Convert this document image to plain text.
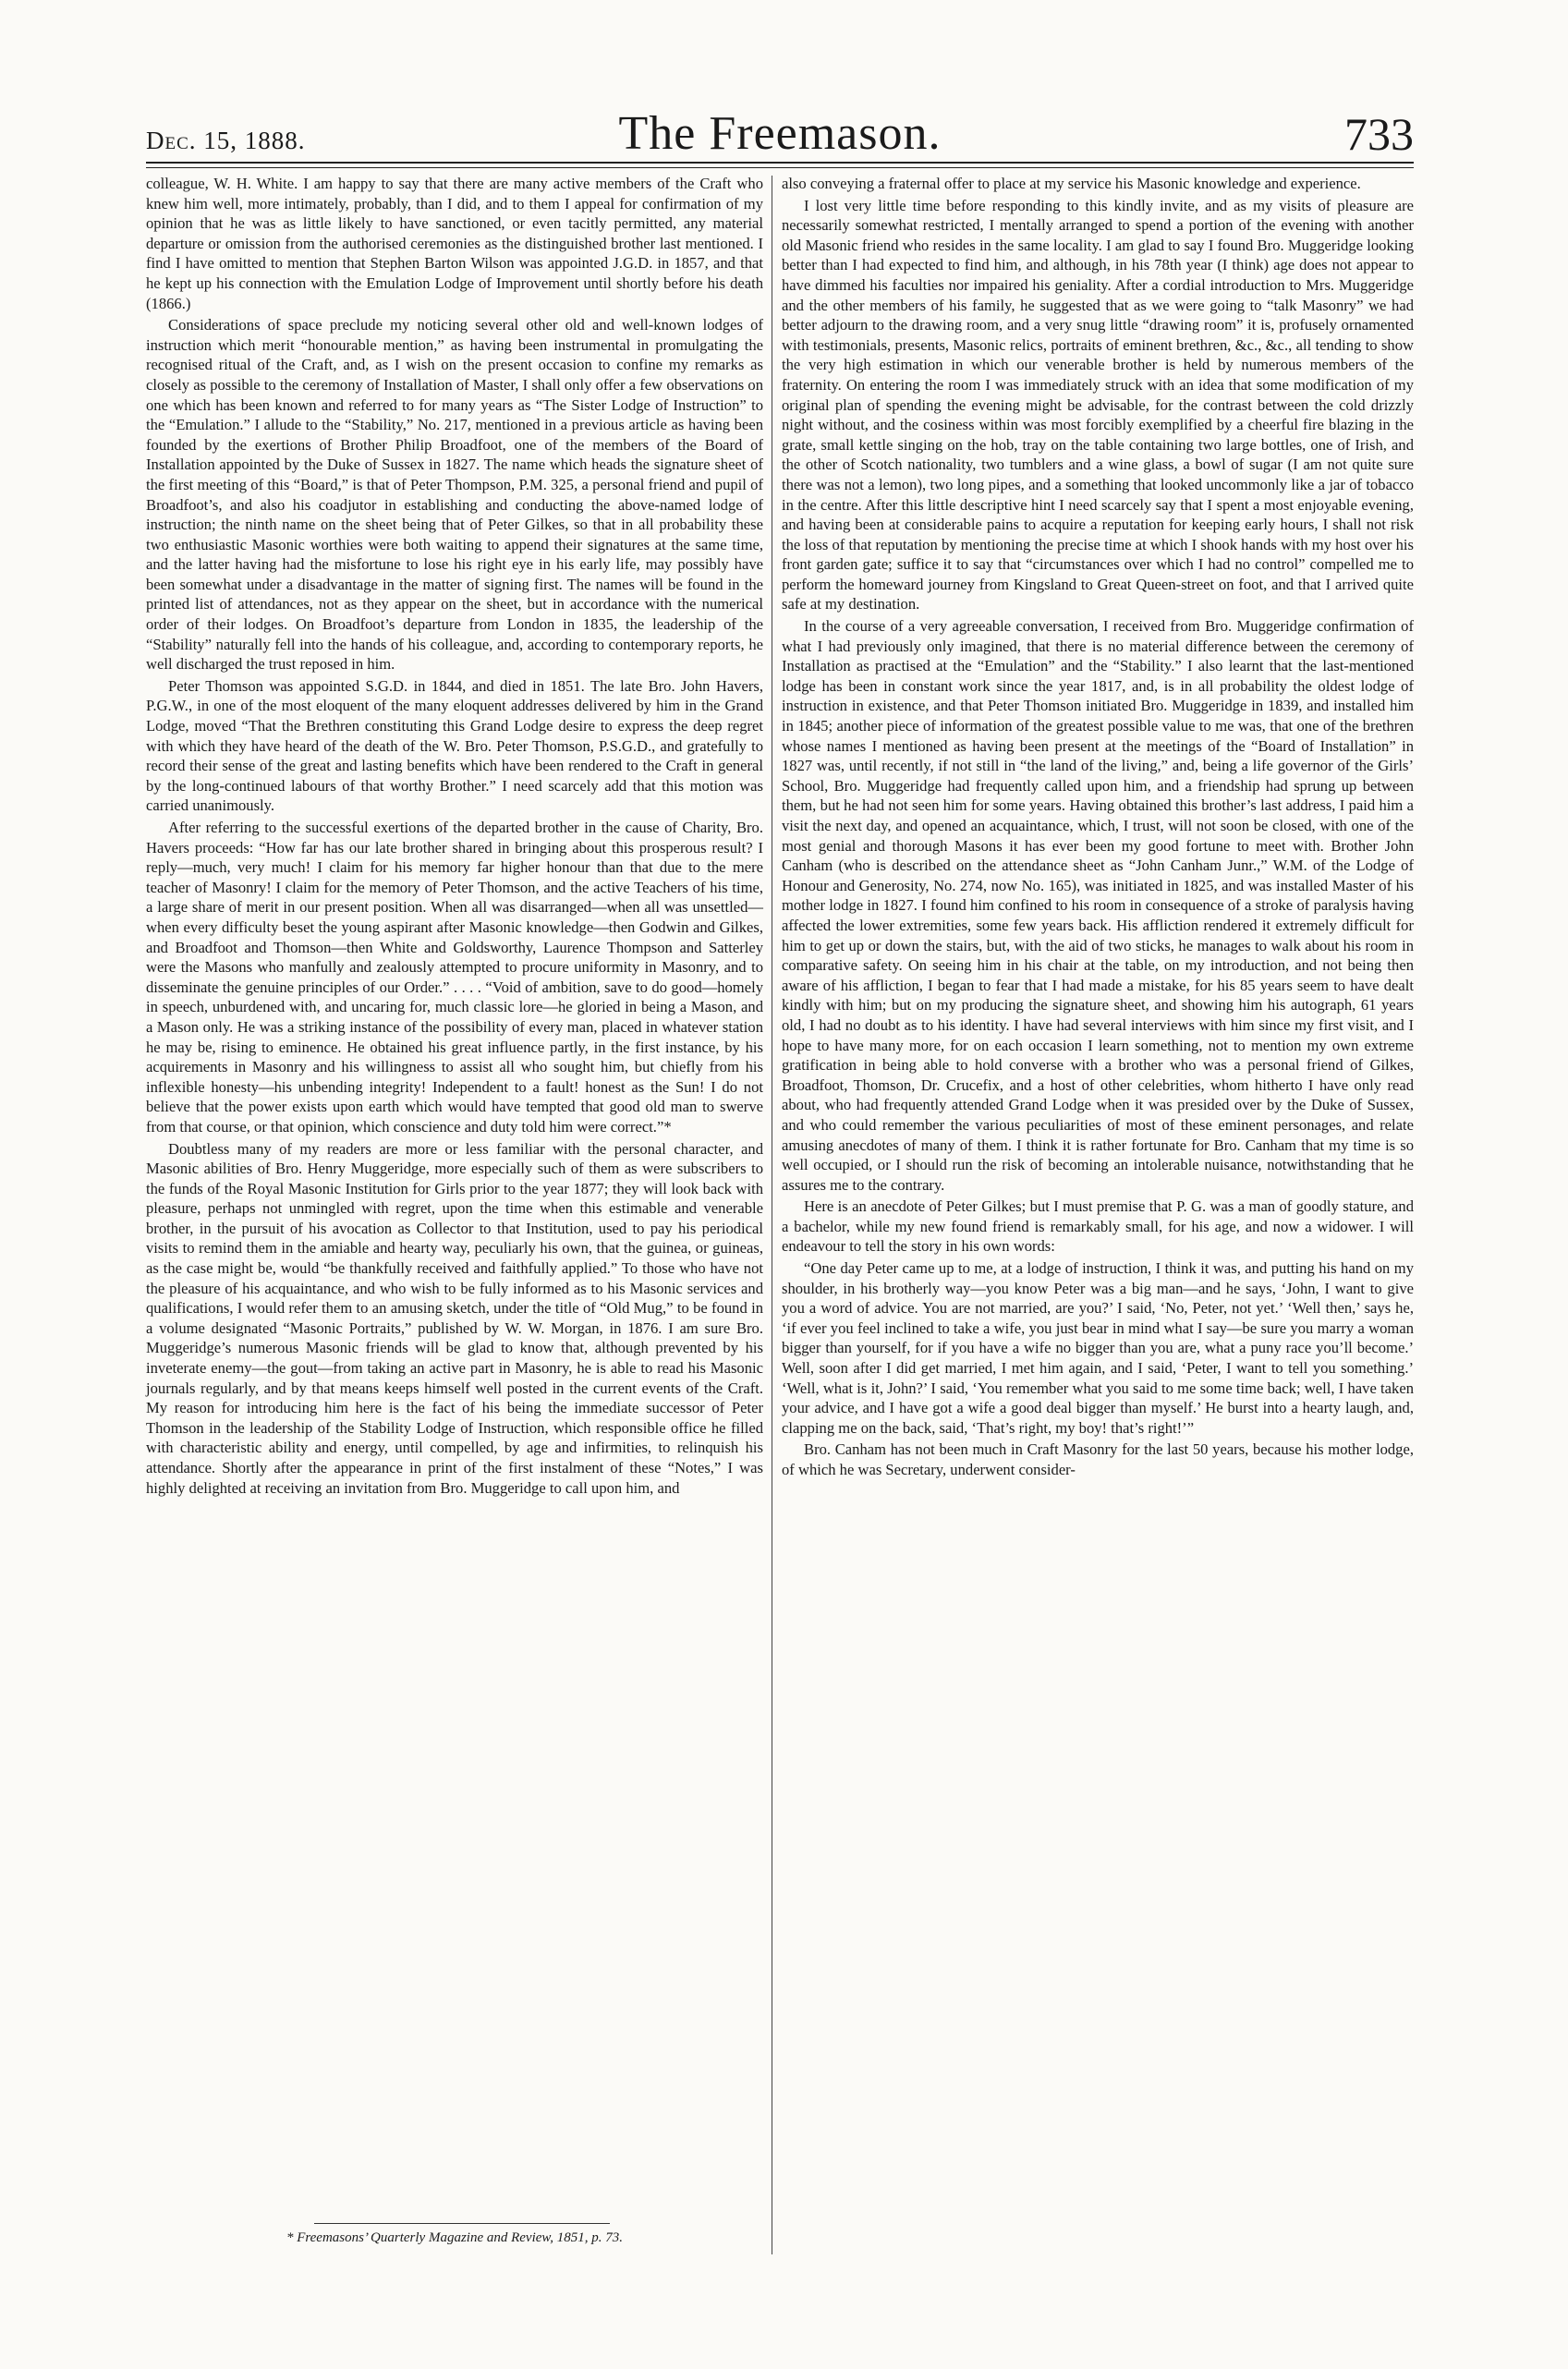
Dec. 15, 1888.	The Freemason.	733

colleague, W. H. White. I am happy to say that there are many active members of the Craft who knew him well, more intimately, probably, than I did, and to them I appeal for confirmation of my opinion that he was as little likely to have sanctioned, or even tacitly permitted, any material departure or omission from the authorised ceremonies as the distinguished brother last mentioned. I find I have omitted to mention that Stephen Barton Wilson was appointed J.G.D. in 1857, and that he kept up his connection with the Emulation Lodge of Improvement until shortly before his death (1866.)

Considerations of space preclude my noticing several other old and well-known lodges of instruction which merit “honourable mention,” as having been instrumental in promulgating the recognised ritual of the Craft, and, as I wish on the present occasion to confine my remarks as closely as possible to the ceremony of Installation of Master, I shall only offer a few observations on one which has been known and referred to for many years as “The Sister Lodge of Instruction” to the “Emulation.” I allude to the “Stability,” No. 217, mentioned in a previous article as having been founded by the exertions of Brother Philip Broadfoot, one of the members of the Board of Installation appointed by the Duke of Sussex in 1827. The name which heads the signature sheet of the first meeting of this “Board,” is that of Peter Thompson, P.M. 325, a personal friend and pupil of Broadfoot’s, and also his coadjutor in establishing and conducting the above-named lodge of instruction; the ninth name on the sheet being that of Peter Gilkes, so that in all probability these two enthusiastic Masonic worthies were both waiting to append their signatures at the same time, and the latter having had the misfortune to lose his right eye in his early life, may possibly have been somewhat under a disadvantage in the matter of signing first. The names will be found in the printed list of attendances, not as they appear on the sheet, but in accordance with the numerical order of their lodges. On Broadfoot’s departure from London in 1835, the leadership of the “Stability” naturally fell into the hands of his colleague, and, according to contemporary reports, he well discharged the trust reposed in him.

Peter Thomson was appointed S.G.D. in 1844, and died in 1851. The late Bro. John Havers, P.G.W., in one of the most eloquent of the many eloquent addresses delivered by him in the Grand Lodge, moved “That the Brethren constituting this Grand Lodge desire to express the deep regret with which they have heard of the death of the W. Bro. Peter Thomson, P.S.G.D., and gratefully to record their sense of the great and lasting benefits which have been rendered to the Craft in general by the long-continued labours of that worthy Brother.” I need scarcely add that this motion was carried unanimously.

After referring to the successful exertions of the departed brother in the cause of Charity, Bro. Havers proceeds: “How far has our late brother shared in bringing about this prosperous result? I reply—much, very much! I claim for his memory far higher honour than that due to the mere teacher of Masonry! I claim for the memory of Peter Thomson, and the active Teachers of his time, a large share of merit in our present position. When all was disarranged—when all was unsettled—when every difficulty beset the young aspirant after Masonic knowledge—then Godwin and Gilkes, and Broadfoot and Thomson—then White and Goldsworthy, Laurence Thompson and Satterley were the Masons who manfully and zealously attempted to procure uniformity in Masonry, and to disseminate the genuine principles of our Order.” . . . . “Void of ambition, save to do good—homely in speech, unburdened with, and uncaring for, much classic lore—he gloried in being a Mason, and a Mason only. He was a striking instance of the possibility of every man, placed in whatever station he may be, rising to eminence. He obtained his great influence partly, in the first instance, by his acquirements in Masonry and his willingness to assist all who sought him, but chiefly from his inflexible honesty—his unbending integrity! Independent to a fault! honest as the Sun! I do not believe that the power exists upon earth which would have tempted that good old man to swerve from that course, or that opinion, which conscience and duty told him were correct.”*

Doubtless many of my readers are more or less familiar with the personal character, and Masonic abilities of Bro. Henry Muggeridge, more especially such of them as were subscribers to the funds of the Royal Masonic Institution for Girls prior to the year 1877; they will look back with pleasure, perhaps not unmingled with regret, upon the time when this estimable and venerable brother, in the pursuit of his avocation as Collector to that Institution, used to pay his periodical visits to remind them in the amiable and hearty way, peculiarly his own, that the guinea, or guineas, as the case might be, would “be thankfully received and faithfully applied.” To those who have not the pleasure of his acquaintance, and who wish to be fully informed as to his Masonic services and qualifications, I would refer them to an amusing sketch, under the title of “Old Mug,” to be found in a volume designated “Masonic Portraits,” published by W. W. Morgan, in 1876. I am sure Bro. Muggeridge’s numerous Masonic friends will be glad to know that, although prevented by his inveterate enemy—the gout—from taking an active part in Masonry, he is able to read his Masonic journals regularly, and by that means keeps himself well posted in the current events of the Craft. My reason for introducing him here is the fact of his being the immediate successor of Peter Thomson in the leadership of the Stability Lodge of Instruction, which responsible office he filled with characteristic ability and energy, until compelled, by age and infirmities, to relinquish his attendance. Shortly after the appearance in print of the first instalment of these “Notes,” I was highly delighted at receiving an invitation from Bro. Muggeridge to call upon him, and

also conveying a fraternal offer to place at my service his Masonic knowledge and experience.

I lost very little time before responding to this kindly invite, and as my visits of pleasure are necessarily somewhat restricted, I mentally arranged to spend a portion of the evening with another old Masonic friend who resides in the same locality. I am glad to say I found Bro. Muggeridge looking better than I had expected to find him, and although, in his 78th year (I think) age does not appear to have dimmed his faculties nor impaired his geniality. After a cordial introduction to Mrs. Muggeridge and the other members of his family, he suggested that as we were going to “talk Masonry” we had better adjourn to the drawing room, and a very snug little “drawing room” it is, profusely ornamented with testimonials, presents, Masonic relics, portraits of eminent brethren, &c., &c., all tending to show the very high estimation in which our venerable brother is held by numerous members of the fraternity. On entering the room I was immediately struck with an idea that some modification of my original plan of spending the evening might be advisable, for the contrast between the cold drizzly night without, and the cosiness within was most forcibly exemplified by a cheerful fire blazing in the grate, small kettle singing on the hob, tray on the table containing two large bottles, one of Irish, and the other of Scotch nationality, two tumblers and a wine glass, a bowl of sugar (I am not quite sure there was not a lemon), two long pipes, and a something that looked uncommonly like a jar of tobacco in the centre. After this little descriptive hint I need scarcely say that I spent a most enjoyable evening, and having been at considerable pains to acquire a reputation for keeping early hours, I shall not risk the loss of that reputation by mentioning the precise time at which I shook hands with my host over his front garden gate; suffice it to say that “circumstances over which I had no control” compelled me to perform the homeward journey from Kingsland to Great Queen-street on foot, and that I arrived quite safe at my destination.

In the course of a very agreeable conversation, I received from Bro. Muggeridge confirmation of what I had previously only imagined, that there is no material difference between the ceremony of Installation as practised at the “Emulation” and the “Stability.” I also learnt that the last-mentioned lodge has been in constant work since the year 1817, and, is in all probability the oldest lodge of instruction in existence, and that Peter Thomson initiated Bro. Muggeridge in 1839, and installed him in 1845; another piece of information of the greatest possible value to me was, that one of the brethren whose names I mentioned as having been present at the meetings of the “Board of Installation” in 1827 was, until recently, if not still in “the land of the living,” and, being a life governor of the Girls’ School, Bro. Muggeridge had frequently called upon him, and a friendship had sprung up between them, but he had not seen him for some years. Having obtained this brother’s last address, I paid him a visit the next day, and opened an acquaintance, which, I trust, will not soon be closed, with one of the most genial and thorough Masons it has ever been my good fortune to meet with. Brother John Canham (who is described on the attendance sheet as “John Canham Junr.,” W.M. of the Lodge of Honour and Generosity, No. 274, now No. 165), was initiated in 1825, and was installed Master of his mother lodge in 1827. I found him confined to his room in consequence of a stroke of paralysis having affected the lower extremities, some few years back. His affliction rendered it extremely difficult for him to get up or down the stairs, but, with the aid of two sticks, he manages to walk about his room in comparative safety. On seeing him in his chair at the table, on my introduction, and not being then aware of his affliction, I began to fear that I had made a mistake, for his 85 years seem to have dealt kindly with him; but on my producing the signature sheet, and showing him his autograph, 61 years old, I had no doubt as to his identity. I have had several interviews with him since my first visit, and I hope to have many more, for on each occasion I learn something, not to mention my own extreme gratification in being able to hold converse with a brother who was a personal friend of Gilkes, Broadfoot, Thomson, Dr. Crucefix, and a host of other celebrities, whom hitherto I have only read about, who had frequently attended Grand Lodge when it was presided over by the Duke of Sussex, and who could remember the various peculiarities of most of these eminent personages, and relate amusing anecdotes of many of them. I think it is rather fortunate for Bro. Canham that my time is so well occupied, or I should run the risk of becoming an intolerable nuisance, notwithstanding that he assures me to the contrary.

Here is an anecdote of Peter Gilkes; but I must premise that P. G. was a man of goodly stature, and a bachelor, while my new found friend is remarkably small, for his age, and now a widower. I will endeavour to tell the story in his own words:

“One day Peter came up to me, at a lodge of instruction, I think it was, and putting his hand on my shoulder, in his brotherly way—you know Peter was a big man—and he says, ‘John, I want to give you a word of advice. You are not married, are you?’ I said, ‘No, Peter, not yet.’ ‘Well then,’ says he, ‘if ever you feel inclined to take a wife, you just bear in mind what I say—be sure you marry a woman bigger than yourself, for if you have a wife no bigger than you are, what a puny race you’ll become.’ Well, soon after I did get married, I met him again, and I said, ‘Peter, I want to tell you something.’ ‘Well, what is it, John?’ I said, ‘You remember what you said to me some time back; well, I have taken your advice, and I have got a wife a good deal bigger than myself.’ He burst into a hearty laugh, and, clapping me on the back, said, ‘That’s right, my boy! that’s right!’”

Bro. Canham has not been much in Craft Masonry for the last 50 years, because his mother lodge, of which he was Secretary, underwent consider-

* Freemasons’ Quarterly Magazine and Review, 1851, p. 73.
